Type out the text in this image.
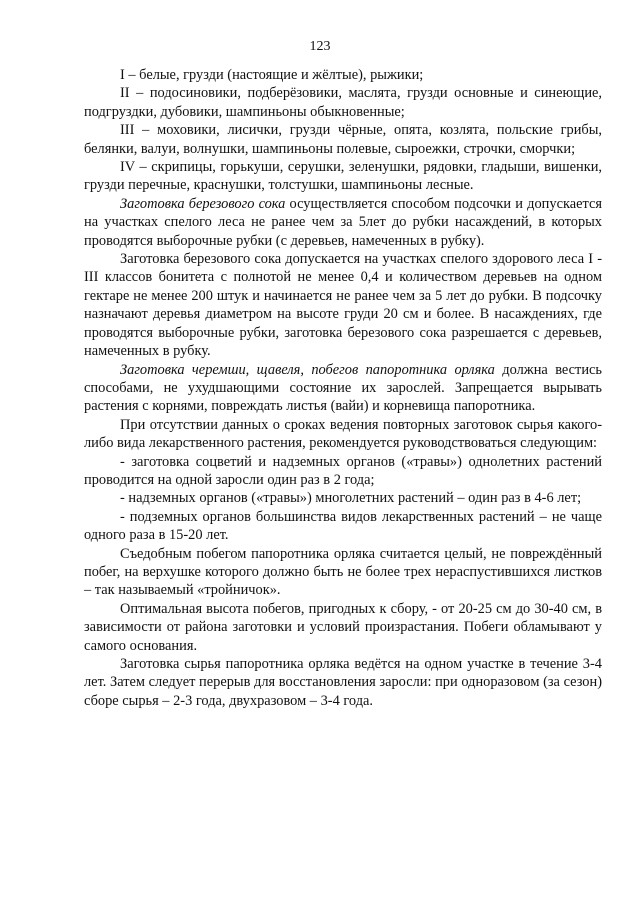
123

I – белые, грузди (настоящие и жёлтые), рыжики;

II – подосиновики, подберёзовики, маслята, грузди основные и синеющие, подгруздки, дубовики, шампиньоны обыкновенные;

III – моховики, лисички, грузди чёрные, опята, козлята, польские грибы, белянки, валуи, волнушки, шампиньоны полевые, сыроежки, строчки, сморчки;

IV – скрипицы, горькуши, серушки, зеленушки, рядовки, гладыши, вишенки, грузди перечные, краснушки, толстушки, шампиньоны лесные.

Заготовка березового сока осуществляется способом подсочки и допускается на участках спелого леса не ранее чем за 5лет до рубки насаждений, в которых проводятся выборочные рубки (с деревьев, намеченных в рубку).

Заготовка березового сока допускается на участках спелого здорового леса I - III классов бонитета с полнотой не менее 0,4 и количеством деревьев на одном гектаре не менее 200 штук и начинается не ранее чем за 5 лет до рубки. В подсочку назначают деревья диаметром на высоте груди 20 см и более. В насаждениях, где проводятся выборочные рубки, заготовка березового сока разрешается с деревьев, намеченных в рубку.

Заготовка черемши, щавеля, побегов папоротника орляка должна вестись способами, не ухудшающими состояние их зарослей. Запрещается вырывать растения с корнями, повреждать листья (вайи) и корневища папоротника.

При отсутствии данных о сроках ведения повторных заготовок сырья какого-либо вида лекарственного растения, рекомендуется руководствоваться следующим:

- заготовка соцветий и надземных органов («травы») однолетних растений проводится на одной заросли один раз в 2 года;

- надземных органов («травы») многолетних растений – один раз в 4-6 лет;

- подземных органов большинства видов лекарственных растений – не чаще одного раза в 15-20 лет.

Съедобным побегом папоротника орляка считается целый, не повреждённый побег, на верхушке которого должно быть не более трех нераспустившихся листков – так называемый «тройничок».

Оптимальная высота побегов, пригодных к сбору, - от 20-25 см до 30-40 см, в зависимости от района заготовки и условий произрастания. Побеги обламывают у самого основания.

Заготовка сырья папоротника орляка ведётся на одном участке в течение 3-4 лет. Затем следует перерыв для восстановления заросли: при одноразовом (за сезон) сборе сырья – 2-3 года, двухразовом – 3-4 года.
